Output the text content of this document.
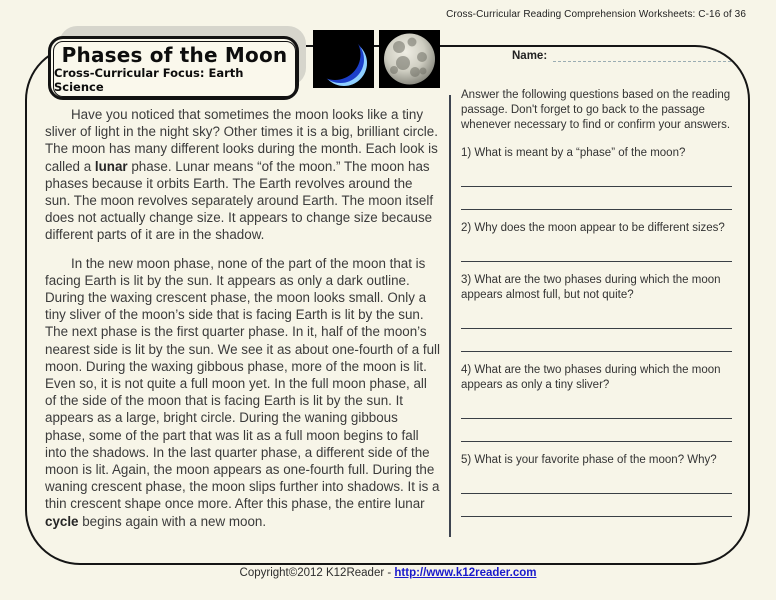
Cross-Curricular Reading Comprehension Worksheets: C-16 of 36
Phases of the Moon
Cross-Curricular Focus: Earth Science
Name:

Have you noticed that sometimes the moon looks like a tiny sliver of light in the night sky? Other times it is a big, brilliant circle. The moon has many different looks during the month. Each look is called a lunar phase. Lunar means “of the moon.” The moon has phases because it orbits Earth. The Earth revolves around the sun. The moon revolves separately around Earth. The moon itself does not actually change size. It appears to change size because different parts of it are in the shadow.

In the new moon phase, none of the part of the moon that is facing Earth is lit by the sun. It appears as only a dark outline. During the waxing crescent phase, the moon looks small. Only a tiny sliver of the moon’s side that is facing Earth is lit by the sun. The next phase is the first quarter phase. In it, half of the moon’s nearest side is lit by the sun. We see it as about one-fourth of a full moon. During the waxing gibbous phase, more of the moon is lit. Even so, it is not quite a full moon yet. In the full moon phase, all of the side of the moon that is facing Earth is lit by the sun. It appears as a large, bright circle. During the waning gibbous phase, some of the part that was lit as a full moon begins to fall into the shadows. In the last quarter phase, a different side of the moon is lit. Again, the moon appears as one-fourth full. During the waning crescent phase, the moon slips further into shadows. It is a thin crescent shape once more. After this phase, the entire lunar cycle begins again with a new moon.

Answer the following questions based on the reading passage. Don't forget to go back to the passage whenever necessary to find or confirm your answers.
1) What is meant by a “phase” of the moon?
2) Why does the moon appear to be different sizes?
3) What are the two phases during which the moon appears almost full, but not quite?
4) What are the two phases during which the moon appears as only a tiny sliver?
5) What is your favorite phase of the moon? Why?
Copyright©2012 K12Reader - http://www.k12reader.com
